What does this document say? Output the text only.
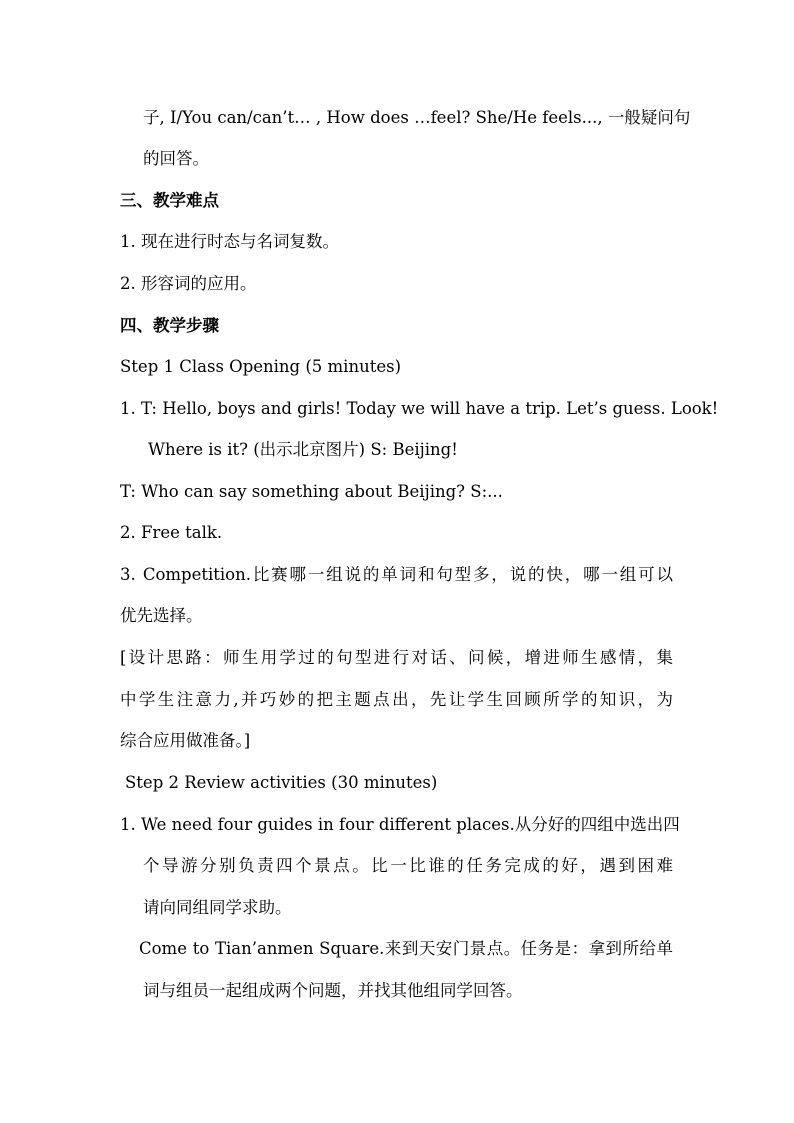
子, I/You can/can’t… , How does …feel? She/He feels..., 一般疑问句
的回答。
三、教学难点
1. 现在进行时态与名词复数。
2. 形容词的应用。
四、教学步骤
Step 1 Class Opening (5 minutes)
1. T: Hello, boys and girls! Today we will have a trip. Let’s guess. Look!
Where is it? (出示北京图片) S: Beijing!
T: Who can say something about Beijing? S:...
2. Free talk.
3. Competition.比赛哪一组说的单词和句型多，说的快，哪一组可以
优先选择。
[设计思路：师生用学过的句型进行对话、问候，增进师生感情，集
中学生注意力,并巧妙的把主题点出，先让学生回顾所学的知识，为
综合应用做准备。]
Step 2 Review activities (30 minutes)
1. We need four guides in four different places.从分好的四组中选出四
个导游分别负责四个景点。比一比谁的任务完成的好，遇到困难
请向同组同学求助。
Come to Tian’anmen Square.来到天安门景点。任务是：拿到所给单
词与组员一起组成两个问题，并找其他组同学回答。
